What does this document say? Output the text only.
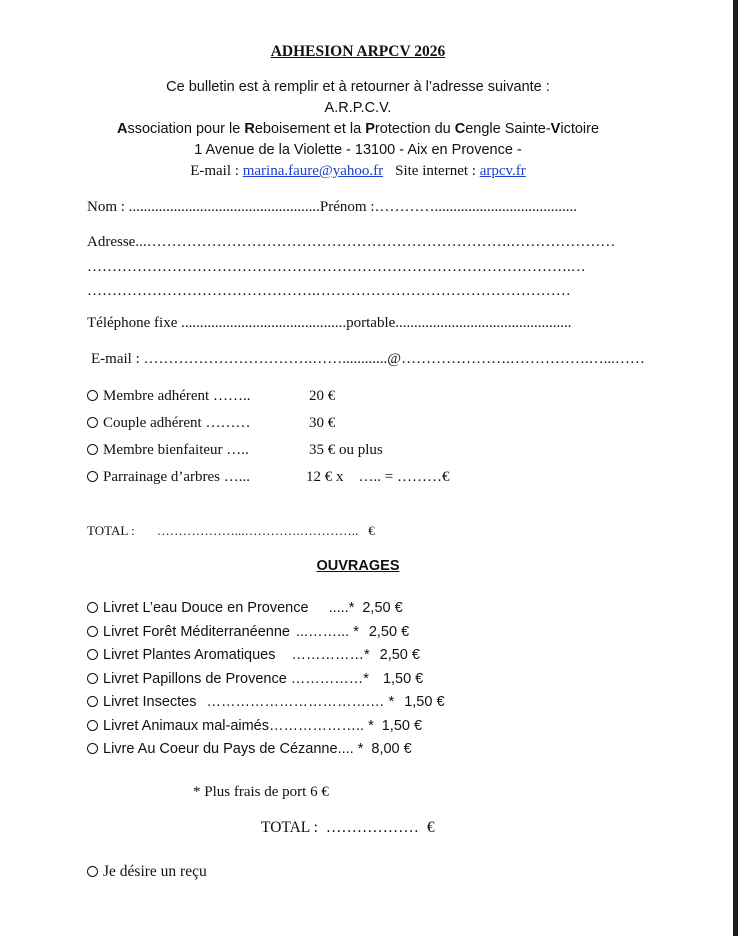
ADHESION ARPCV 2026
Ce bulletin est à remplir et à retourner à l’adresse suivante :
A.R.P.C.V.
Association pour le Reboisement et la Protection du Cengle Sainte-Victoire
1 Avenue de la Violette - 13100 - Aix en Provence -
E-mail : marina.faure@yahoo.fr Site internet : arpcv.fr
Nom : ...................................................Prénom :…………......................................
Adresse...……………………………………………………………….…………………
…………………………………………………………………………………….…
……………………………………….……………………………………………
Téléphone fixe ............................................portable...............................................
E-mail : …………………………….……............@………………….…………….…...……
Membre adhérent ……..	20 €
Couple adhérent ………	30 €
Membre bienfaiteur …..	35 € ou plus
Parrainage d’arbres …...	12 € x    ….. = ………€
TOTAL : ………………...………….………….. €
OUVRAGES
Livret L’eau Douce en Provence .....* 2,50 €
Livret Forêt Méditerranéenne ...……... * 2,50 €
Livret Plantes Aromatiques ……………* 2,50 €
Livret Papillons de Provence ……………* 1,50 €
Livret Insectes …………………………….… * 1,50 €
Livret Animaux mal-aimés……………….. * 1,50 €
Livre Au Coeur du Pays de Cézanne.... * 8,00 €
* Plus frais de port 6 €
TOTAL : ……………… €
Je désire un reçu
